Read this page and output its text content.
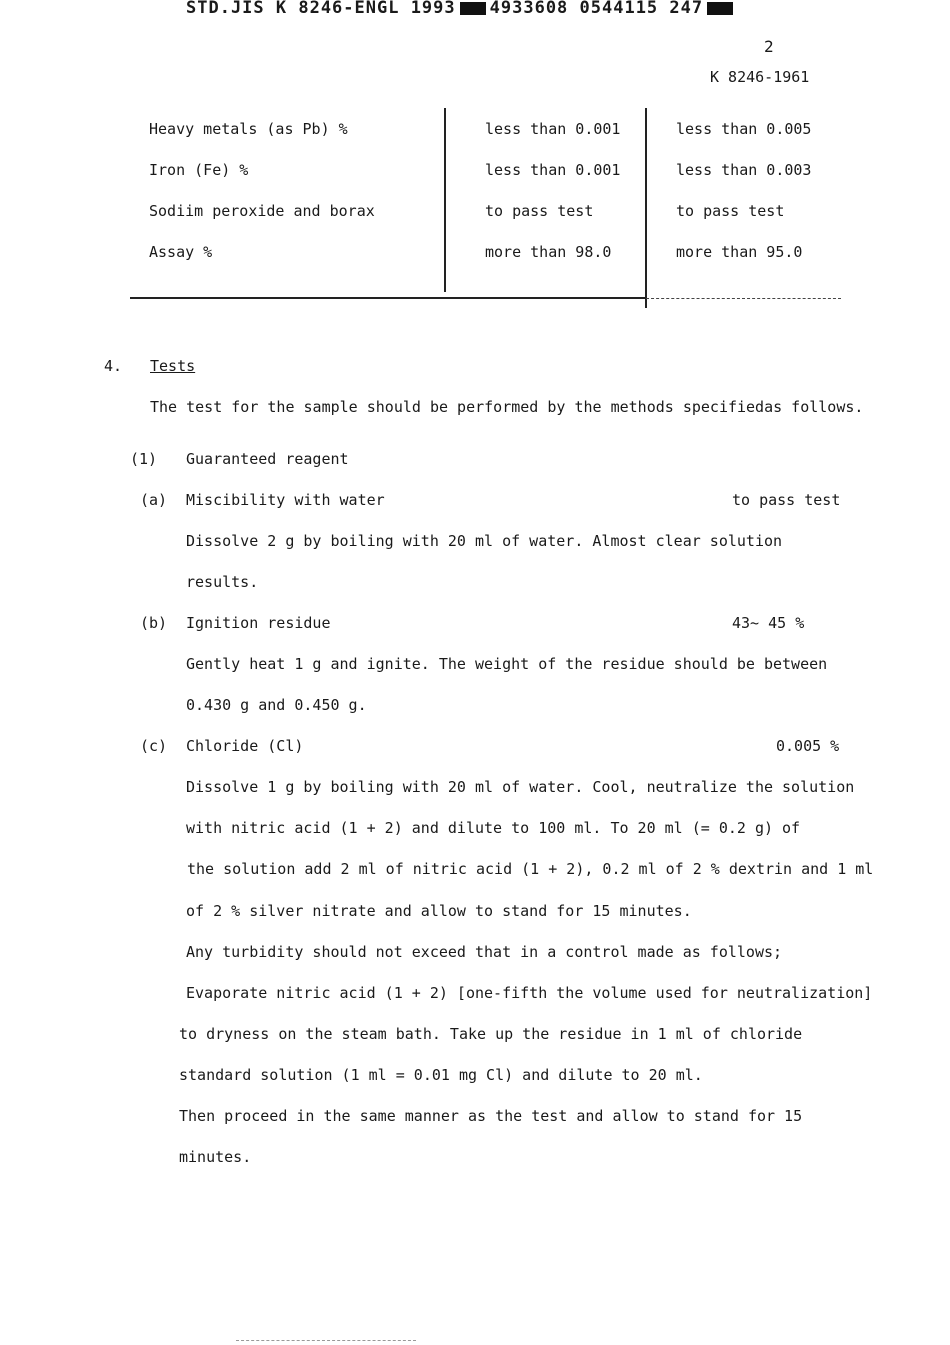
STD.JIS K 8246-ENGL 1993 4933608 0544115 247
2
K 8246-1961
Heavy metals (as Pb) %	less than 0.001	less than 0.005
Iron (Fe) %	less than 0.001	less than 0.003
Sodiim peroxide and borax	to pass test	to pass test
Assay %	more than 98.0	more than 95.0
4. Tests
The test for the sample should be performed by the methods specifiedas follows.
(1) Guaranteed reagent
(a) Miscibility with water	to pass test
Dissolve 2 g by boiling with 20 ml of water. Almost clear solution
results.
(b) Ignition residue	43~ 45 %
Gently heat 1 g and ignite. The weight of the residue should be between
0.430 g and 0.450 g.
(c) Chloride (Cl)	0.005 %
Dissolve 1 g by boiling with 20 ml of water. Cool, neutralize the solution
with nitric acid (1 + 2) and dilute to 100 ml. To 20 ml (= 0.2 g) of
the solution add 2 ml of nitric acid (1 + 2), 0.2 ml of 2 % dextrin and 1 ml
of 2 % silver nitrate and allow to stand for 15 minutes.
Any turbidity should not exceed that in a control made as follows;
Evaporate nitric acid (1 + 2) [one-fifth the volume used for neutralization]
to dryness on the steam bath. Take up the residue in 1 ml of chloride
standard solution (1 ml = 0.01 mg Cl) and dilute to 20 ml.
Then proceed in the same manner as the test and allow to stand for 15
minutes.
